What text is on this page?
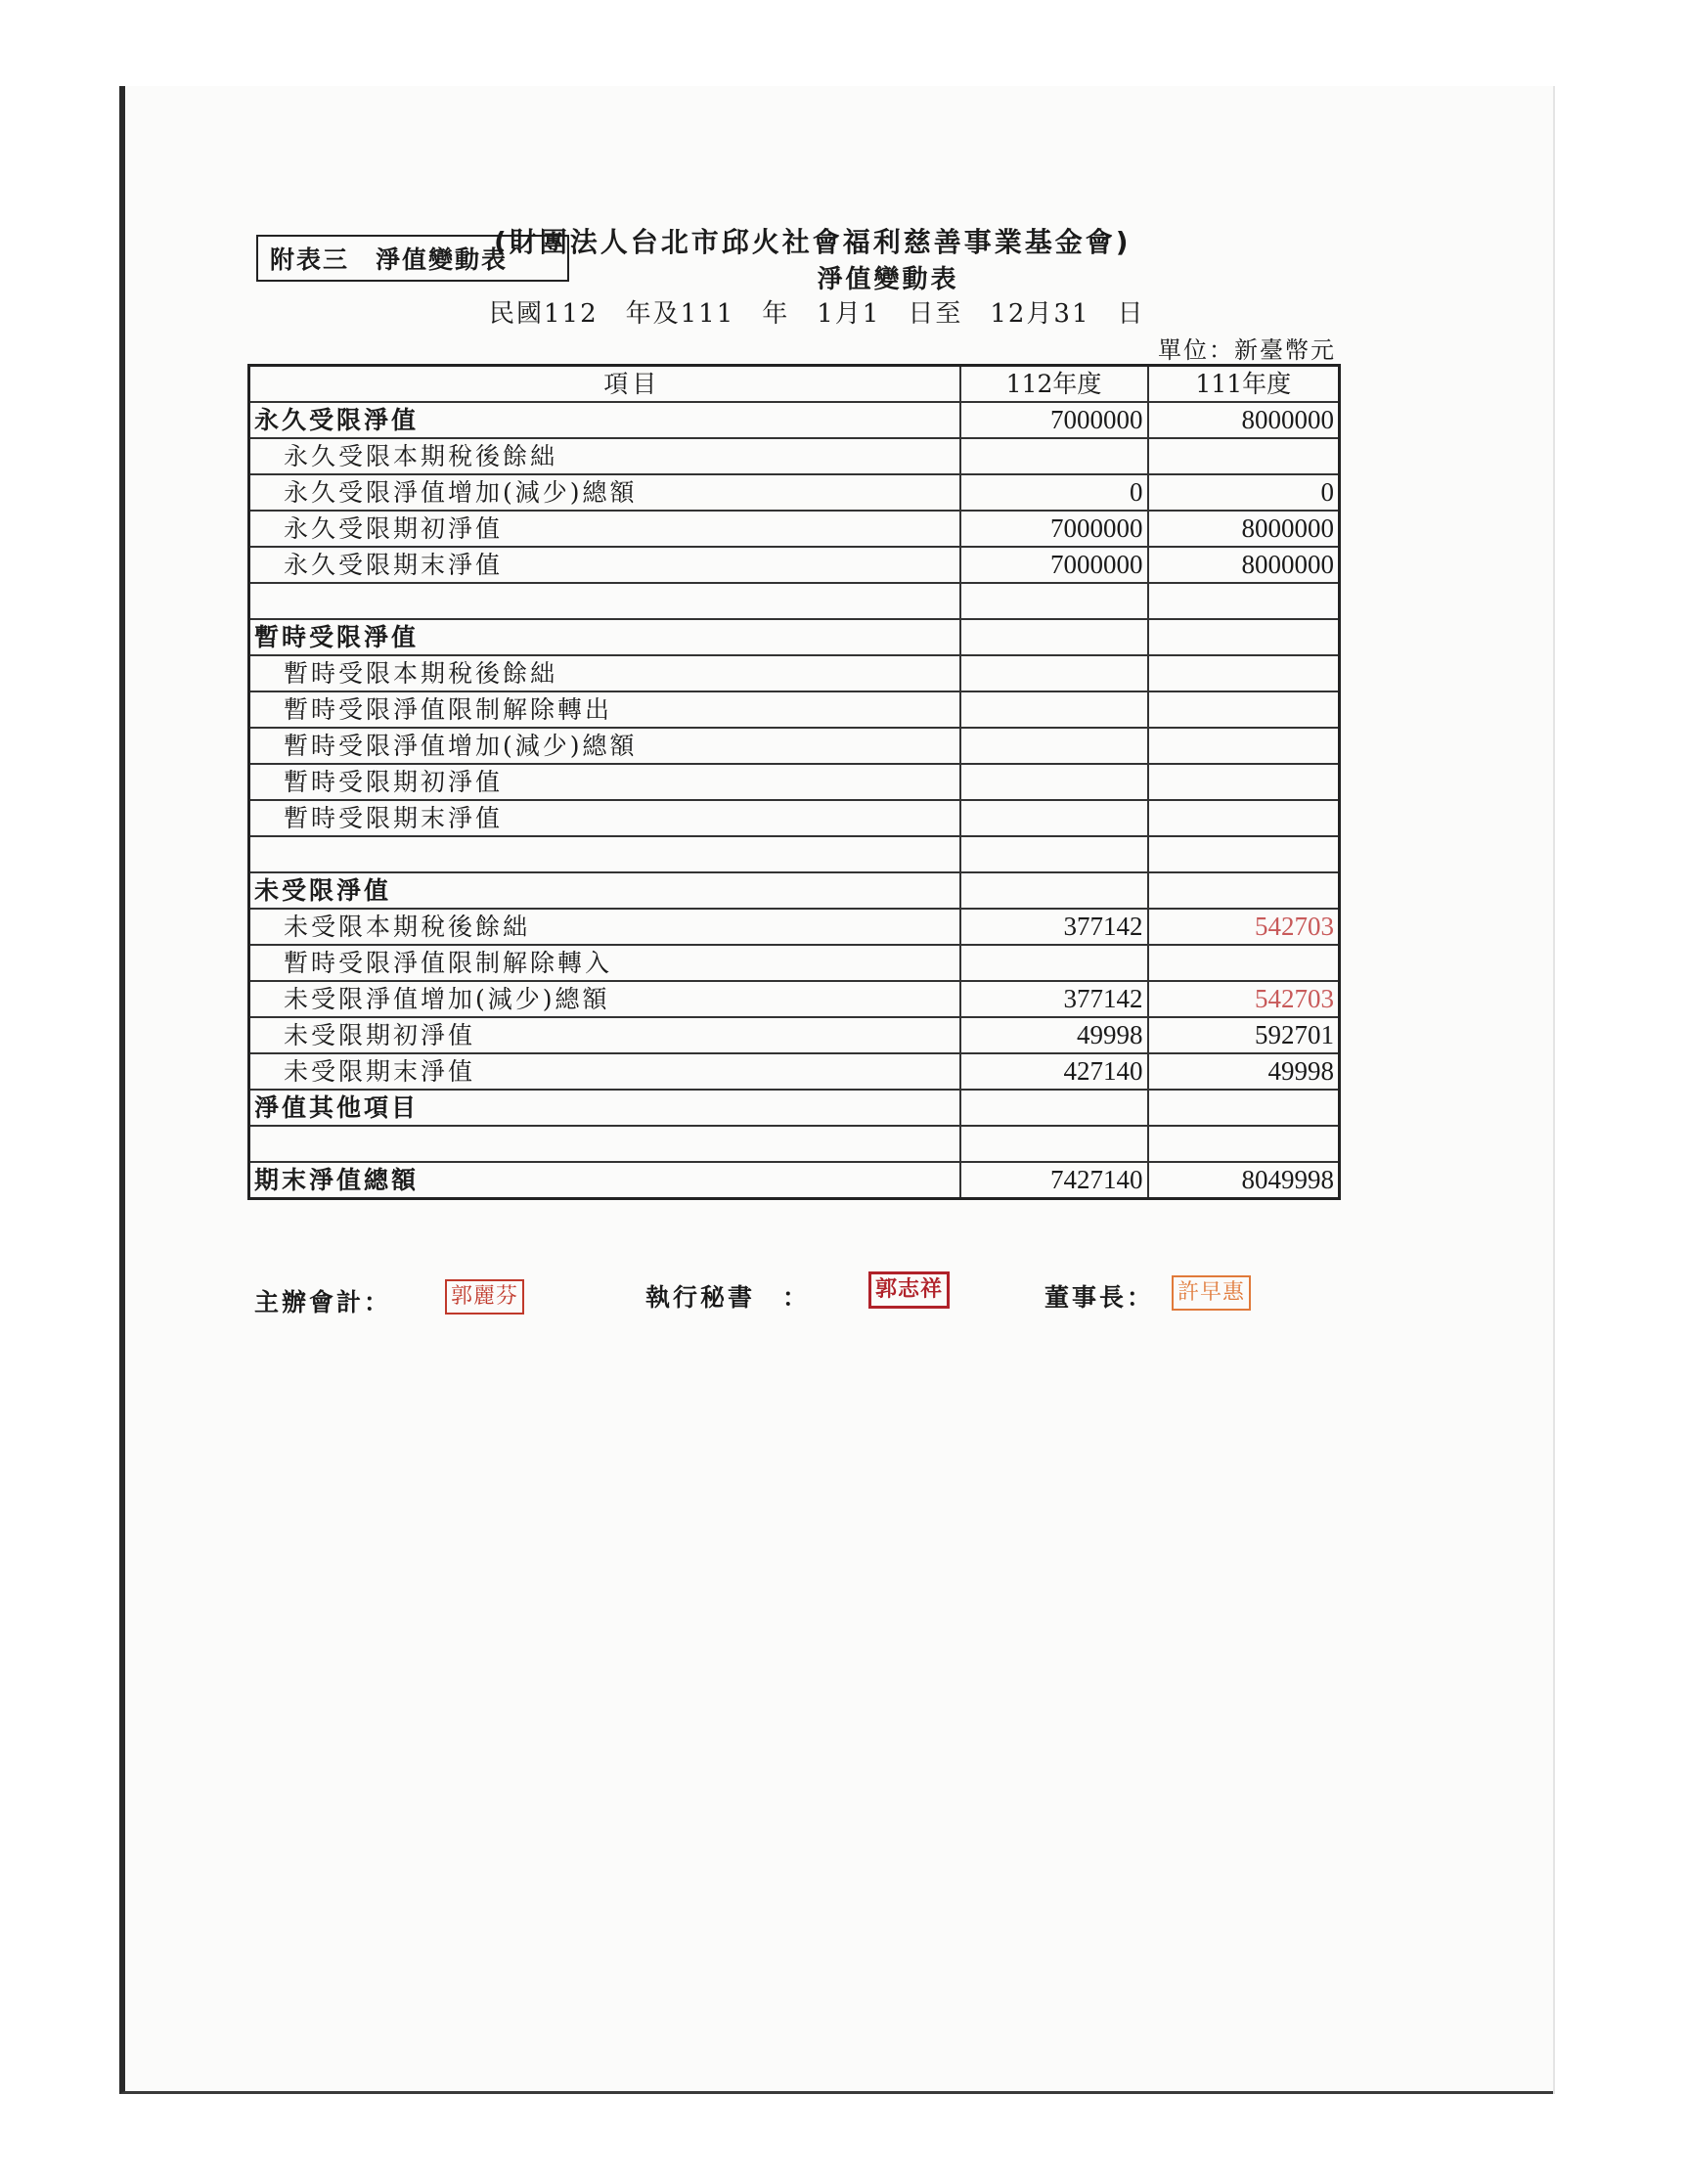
附表三　淨值變動表
(財團法人台北市邱火社會福利慈善事業基金會)
淨值變動表
民國112　年及111　年　1月1　日至　12月31　日
單位：新臺幣元
項目	112年度	111年度
永久受限淨值	7000000	8000000
永久受限本期稅後餘絀		
永久受限淨值增加(減少)總額	0	0
永久受限期初淨值	7000000	8000000
永久受限期末淨值	7000000	8000000

暫時受限淨值		
暫時受限本期稅後餘絀		
暫時受限淨值限制解除轉出		
暫時受限淨值增加(減少)總額		
暫時受限期初淨值		
暫時受限期末淨值		

未受限淨值		
未受限本期稅後餘絀	377142	542703
暫時受限淨值限制解除轉入		
未受限淨值增加(減少)總額	377142	542703
未受限期初淨值	49998	592701
未受限期末淨值	427140	49998
淨值其他項目		

期末淨值總額	7427140	8049998
主辦會計：	郭麗芬	執行秘書　：	郭志祥	董事長： 許早惠
